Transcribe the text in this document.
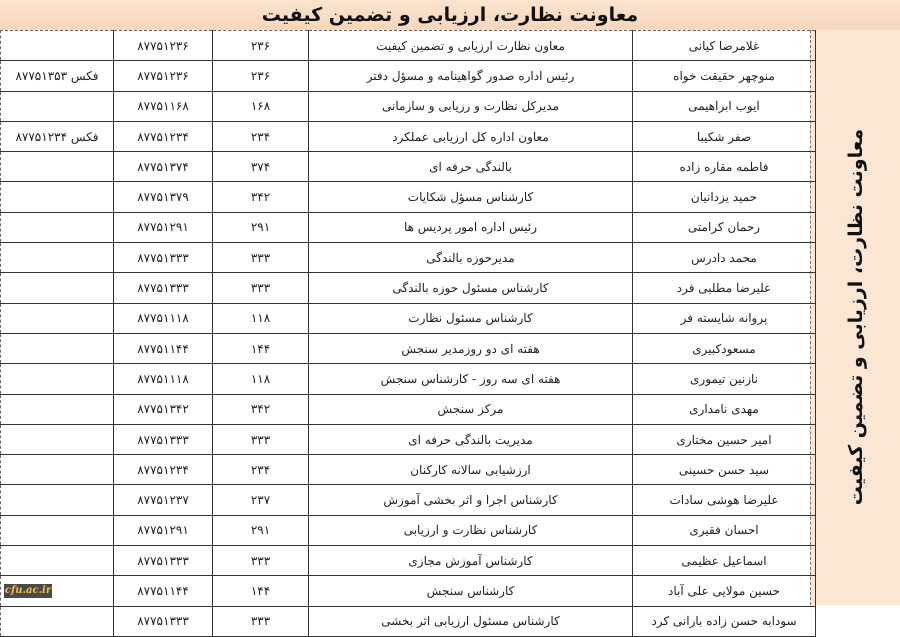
معاونت نظارت، ارزیابی و تضمین کیفیت
معاونت نظارت، ارزیابی و تضمین کیفیت
	۸۷۷۵۱۲۳۶	۲۳۶	معاون نظارت ارزیابی و تضمین کیفیت	غلامرضا کیانی
فکس ۸۷۷۵۱۳۵۳	۸۷۷۵۱۲۳۶	۲۳۶	رئیس اداره صدور گواهینامه و مسؤل دفتر	منوچهر حقیقت خواه
	۸۷۷۵۱۱۶۸	۱۶۸	مدیرکل نظارت و رزیابی و سازمانی	ایوب ابراهیمی
فکس ۸۷۷۵۱۲۳۴	۸۷۷۵۱۲۳۴	۲۳۴	معاون اداره کل ارزیابی عملکرد	صفر شکیبا
	۸۷۷۵۱۳۷۴	۳۷۴	بالندگی حرفه ای	فاطمه مقاره زاده
	۸۷۷۵۱۳۷۹	۳۴۲	کارشناس مسؤل شکایات	حمید یزدانیان
	۸۷۷۵۱۲۹۱	۲۹۱	رئیس اداره امور پردیس ها	رحمان کرامتی
	۸۷۷۵۱۳۳۳	۳۳۳	مدیرحوزه بالندگی	محمد دادرس
	۸۷۷۵۱۳۳۳	۳۳۳	کارشناس مسئول حوزه بالندگی	علیرضا مطلبی فرد
	۸۷۷۵۱۱۱۸	۱۱۸	کارشناس مسئول نظارت	پروانه شایسته فر
	۸۷۷۵۱۱۴۴	۱۴۴	هفته ای دو روزمدیر سنجش	مسعودکبیری
	۸۷۷۵۱۱۱۸	۱۱۸	هفته ای سه روز - کارشناس سنجش	نازنین تیموری
	۸۷۷۵۱۳۴۲	۳۴۲	مرکز سنجش	مهدی نامداری
	۸۷۷۵۱۳۳۳	۳۳۳	مدیریت بالندگی حرفه ای	امیر حسین مختاری
	۸۷۷۵۱۲۳۴	۲۳۴	ارزشیابی سالانه کارکنان	سید حسن حسینی
	۸۷۷۵۱۲۳۷	۲۳۷	کارشناس اجرا و اثر بخشی آموزش	علیرضا هوشی سادات
	۸۷۷۵۱۲۹۱	۲۹۱	کارشناس نظارت و ارزیابی	احسان فقیری
	۸۷۷۵۱۳۳۳	۳۳۳	کارشناس آموزش مجازی	اسماعیل عظیمی
	۸۷۷۵۱۱۴۴	۱۴۴	کارشناس سنجش	حسین مولایی علی آباد
	۸۷۷۵۱۳۳۳	۳۳۳	کارشناس مسئول ارزیابی اثر بخشی	سودابه حسن زاده بارانی کرد
cfu.ac.ir
